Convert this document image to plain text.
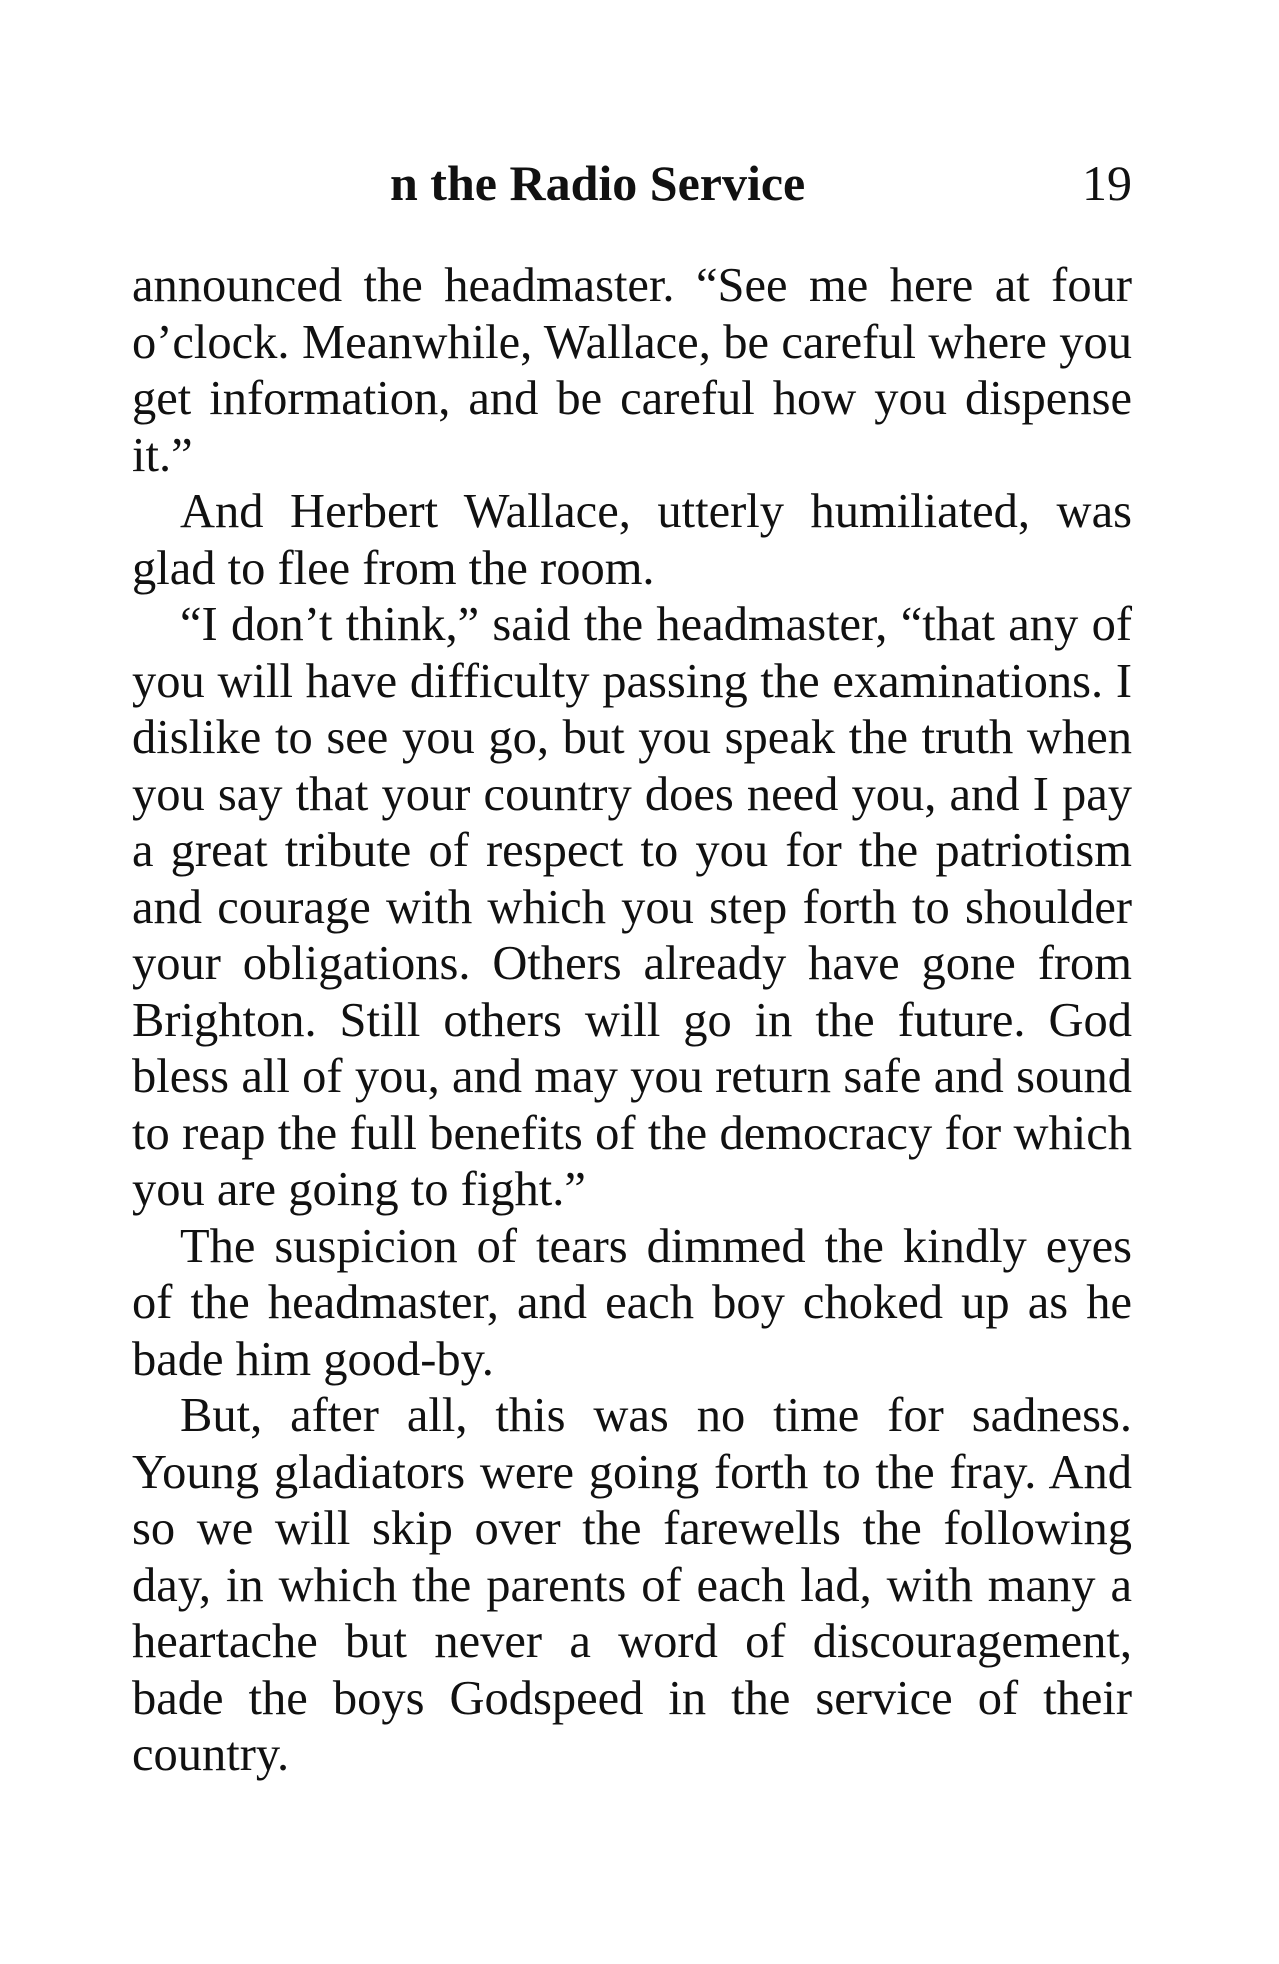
n the Radio Service	19

announced the headmaster. “See me here at four o’clock. Meanwhile, Wallace, be careful where you get information, and be careful how you dispense it.”

And Herbert Wallace, utterly humiliated, was glad to flee from the room.

“I don’t think,” said the headmaster, “that any of you will have difficulty passing the examinations. I dislike to see you go, but you speak the truth when you say that your country does need you, and I pay a great tribute of respect to you for the patriotism and courage with which you step forth to shoulder your obligations. Others already have gone from Brighton. Still others will go in the future. God bless all of you, and may you return safe and sound to reap the full benefits of the democracy for which you are going to fight.”

The suspicion of tears dimmed the kindly eyes of the headmaster, and each boy choked up as he bade him good-by.

But, after all, this was no time for sadness. Young gladiators were going forth to the fray. And so we will skip over the farewells the following day, in which the parents of each lad, with many a heartache but never a word of discouragement, bade the boys Godspeed in the service of their country.
